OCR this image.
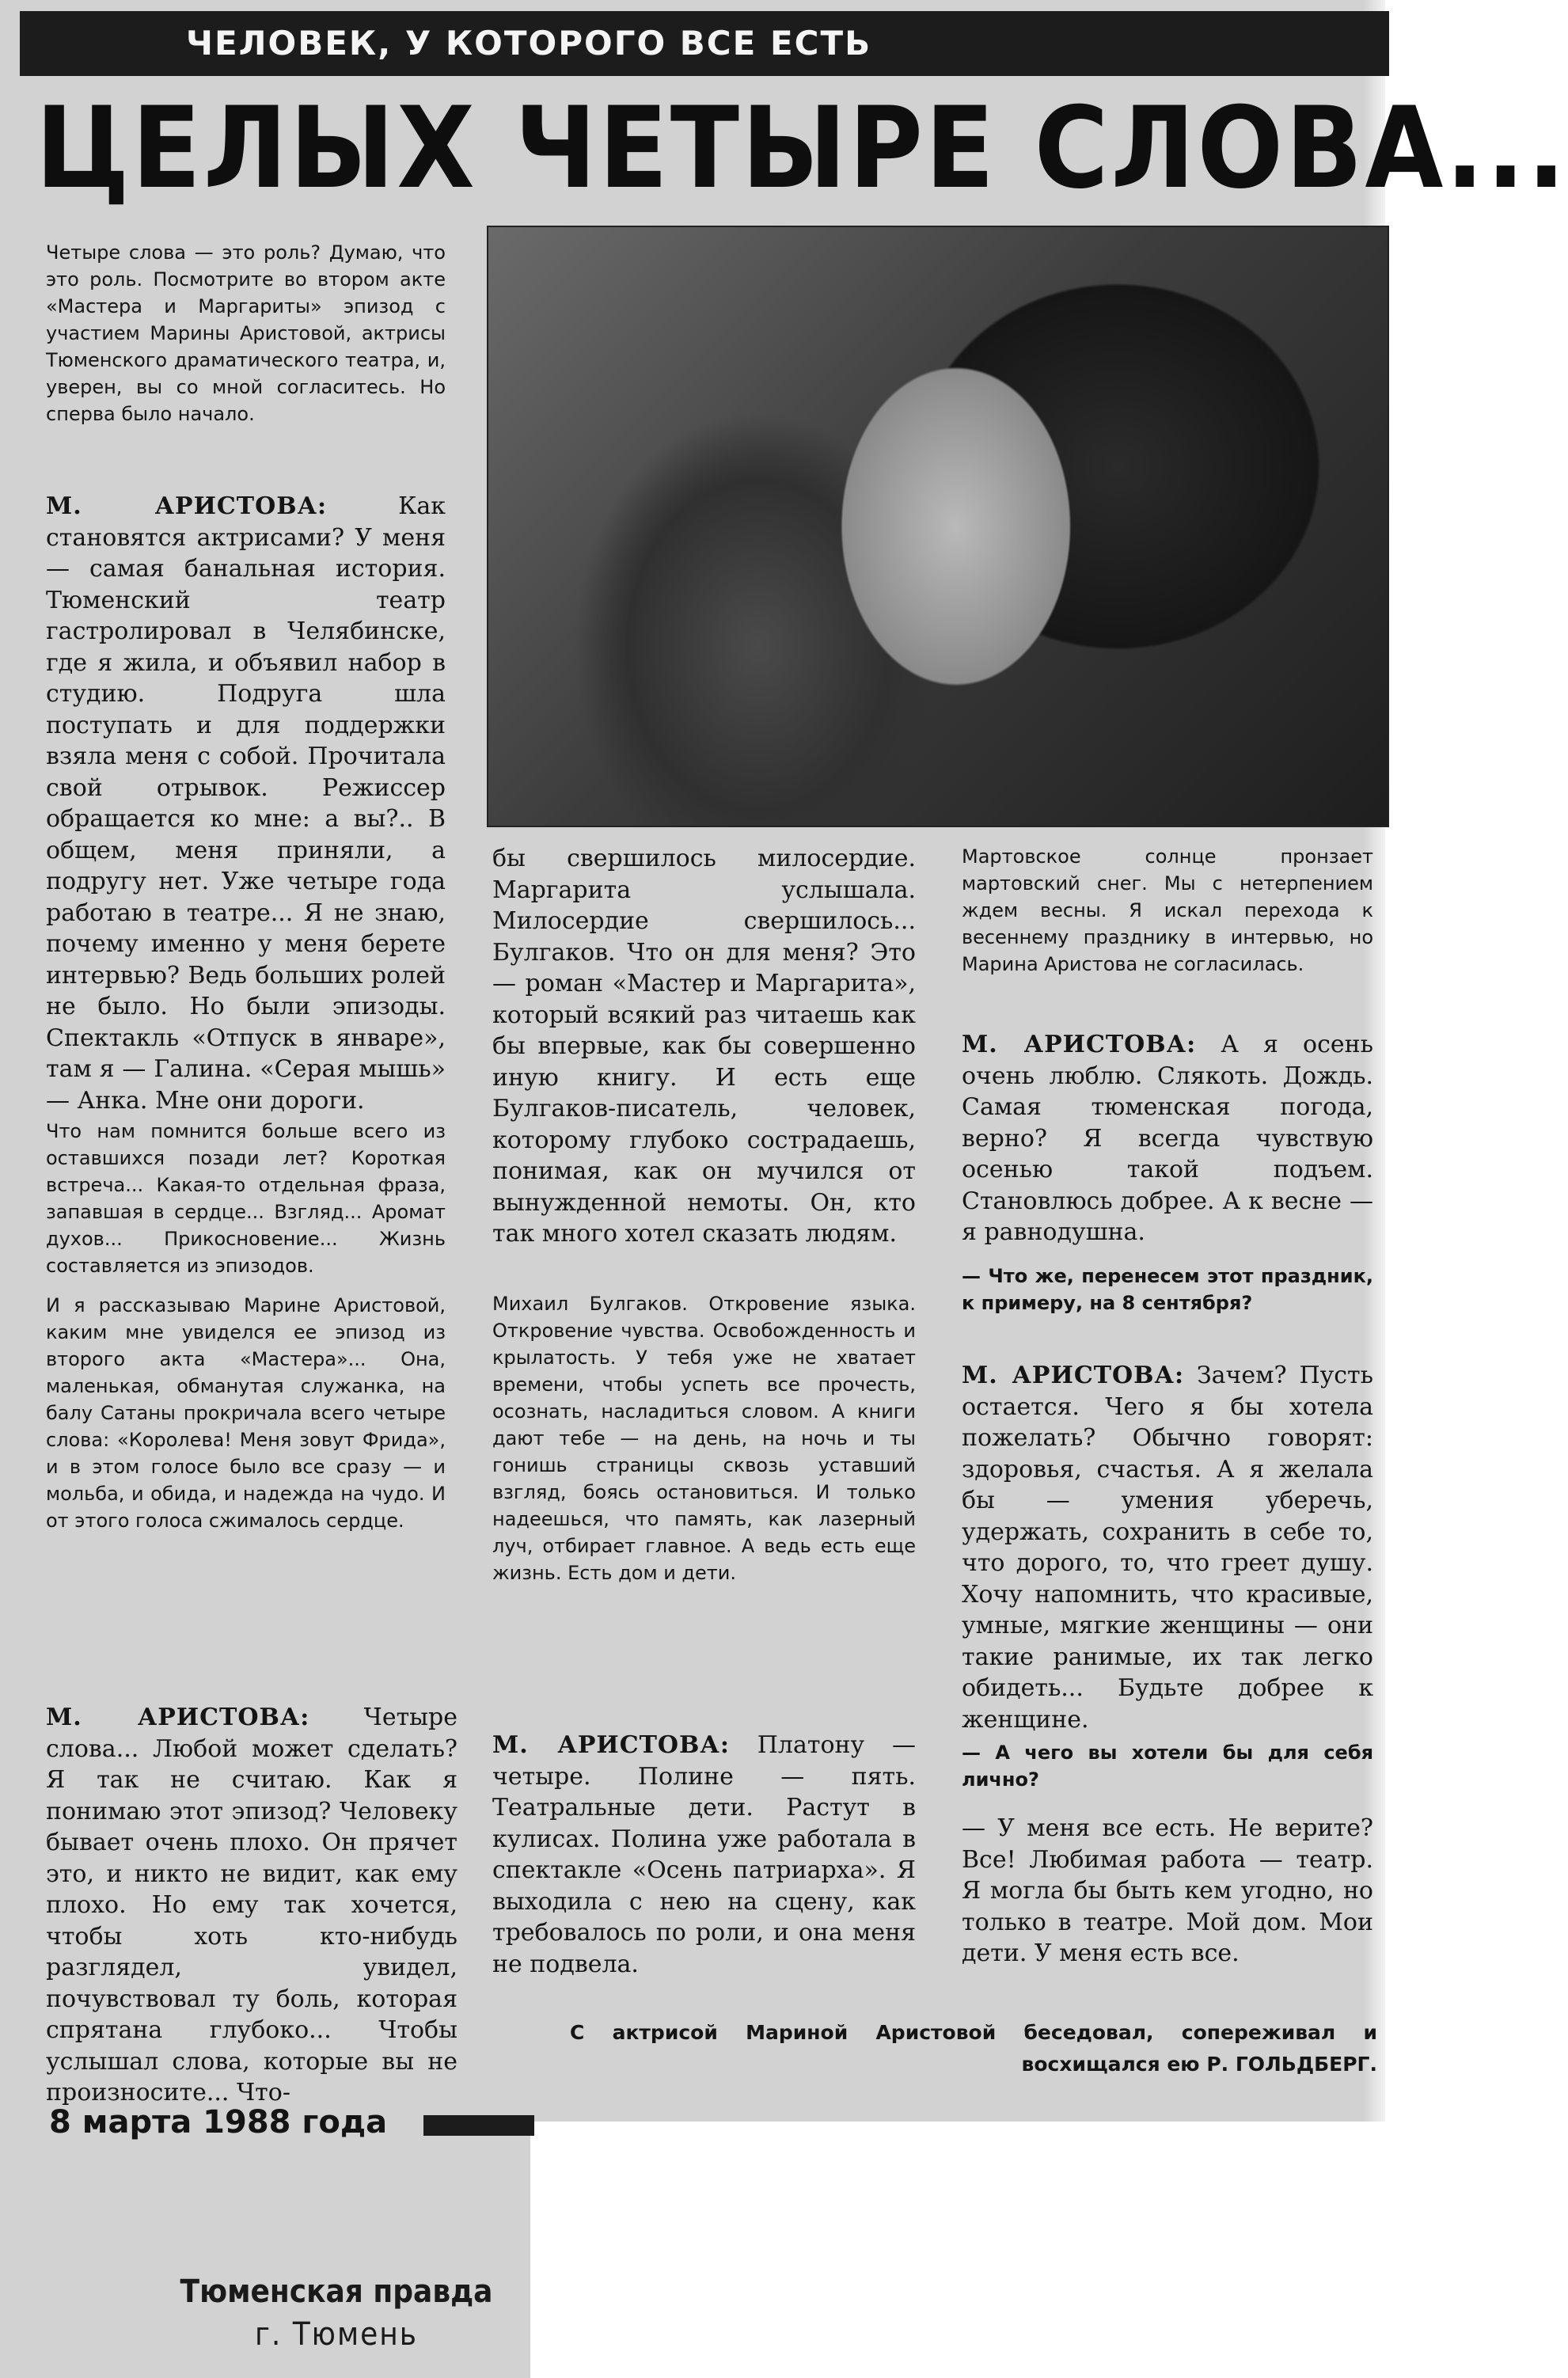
ЧЕЛОВЕК, У КОТОРОГО ВСЕ ЕСТЬ
ЦЕЛЫХ ЧЕТЫРЕ СЛОВА...
Четыре слова — это роль? Думаю, что это роль. Посмотрите во втором акте «Мастера и Маргариты» эпизод с участием Марины Аристовой, актрисы Тюменского драматического театра, и, уверен, вы со мной согласитесь. Но сперва было начало.

М. АРИСТОВА:	Как становятся актрисами? У меня — самая банальная история. Тюменский театр гастролировал в Челябинске, где я жила, и объявил набор в студию. Подруга шла поступать и для поддержки взяла меня с собой. Прочитала свой отрывок. Режиссер обращается ко мне: а вы?.. В общем, меня приняли, а подругу нет. Уже четыре года работаю в театре... Я не знаю, почему именно у меня берете интервью? Ведь больших ролей не было. Но были эпизоды. Спектакль «Отпуск в январе», там я — Галина. «Серая мышь» — Анка. Мне они дороги.

Что нам помнится больше всего из оставшихся позади лет? Короткая встреча... Какая-то отдельная фраза, запавшая в сердце... Взгляд... Аромат духов... Прикосновение... Жизнь составляется из эпизодов.

И я рассказываю Марине Аристовой, каким мне увиделся ее эпизод из второго акта «Мастера»... Она, маленькая, обманутая служанка, на балу Сатаны прокричала всего четыре слова: «Королева! Меня зовут Фрида», и в этом голосе было все сразу — и мольба, и обида, и надежда на чудо. И от этого голоса сжималось сердце.

М. АРИСТОВА: Четыре слова... Любой может сделать? Я так не считаю. Как я понимаю этот эпизод? Человеку бывает очень плохо. Он прячет это, и никто не видит, как ему плохо. Но ему так хочется, чтобы хоть кто-нибудь разглядел, увидел, почувствовал ту боль, которая спрятана глубоко... Чтобы услышал слова, которые вы не произносите... Что-

бы свершилось милосердие. Маргарита услышала. Милосердие свершилось... Булгаков. Что он для меня? Это — роман «Мастер и Маргарита», который всякий раз читаешь как бы впервые, как бы совершенно иную книгу. И есть еще Булгаков-писатель, человек, которому глубоко сострадаешь, понимая, как он мучился от вынужденной немоты. Он, кто так много хотел сказать людям.

Михаил Булгаков. Откровение языка. Откровение чувства. Освобожденность и крылатость. У тебя уже не хватает времени, чтобы успеть все прочесть, осознать, насладиться словом. А книги дают тебе — на день, на ночь и ты гонишь страницы сквозь уставший взгляд, боясь остановиться. И только надеешься, что память, как лазерный луч, отбирает главное. А ведь есть еще жизнь. Есть дом и дети.

М. АРИСТОВА: Платону — четыре. Полине — пять. Театральные дети. Растут в кулисах. Полина уже работала в спектакле «Осень патриарха». Я выходила с нею на сцену, как требовалось по роли, и она меня не подвела.

Мартовское солнце пронзает мартовский снег. Мы с нетерпением ждем весны. Я искал перехода к весеннему празднику в интервью, но Марина Аристова не согласилась.

М. АРИСТОВА: А я осень очень люблю. Слякоть. Дождь. Самая тюменская погода, верно? Я всегда чувствую осенью такой подъем. Становлюсь добрее. А к весне — я равнодушна.

— Что же, перенесем этот праздник, к примеру, на 8 сентября?

М. АРИСТОВА: Зачем? Пусть остается. Чего я бы хотела пожелать? Обычно говорят: здоровья, счастья. А я желала бы — умения уберечь, удержать, сохранить в себе то, что дорого, то, что греет душу. Хочу напомнить, что красивые, умные, мягкие женщины — они такие ранимые, их так легко обидеть... Будьте добрее к женщине.

— А чего вы хотели бы для себя лично?

— У меня все есть. Не верите? Все! Любимая работа — театр. Я могла бы быть кем угодно, но только в театре. Мой дом. Мои дети. У меня есть все.

С актрисой Мариной Аристовой беседовал, сопереживал и восхищался ею Р. ГОЛЬДБЕРГ.
8 марта 1988 года
Тюменская правда
г. Тюмень
